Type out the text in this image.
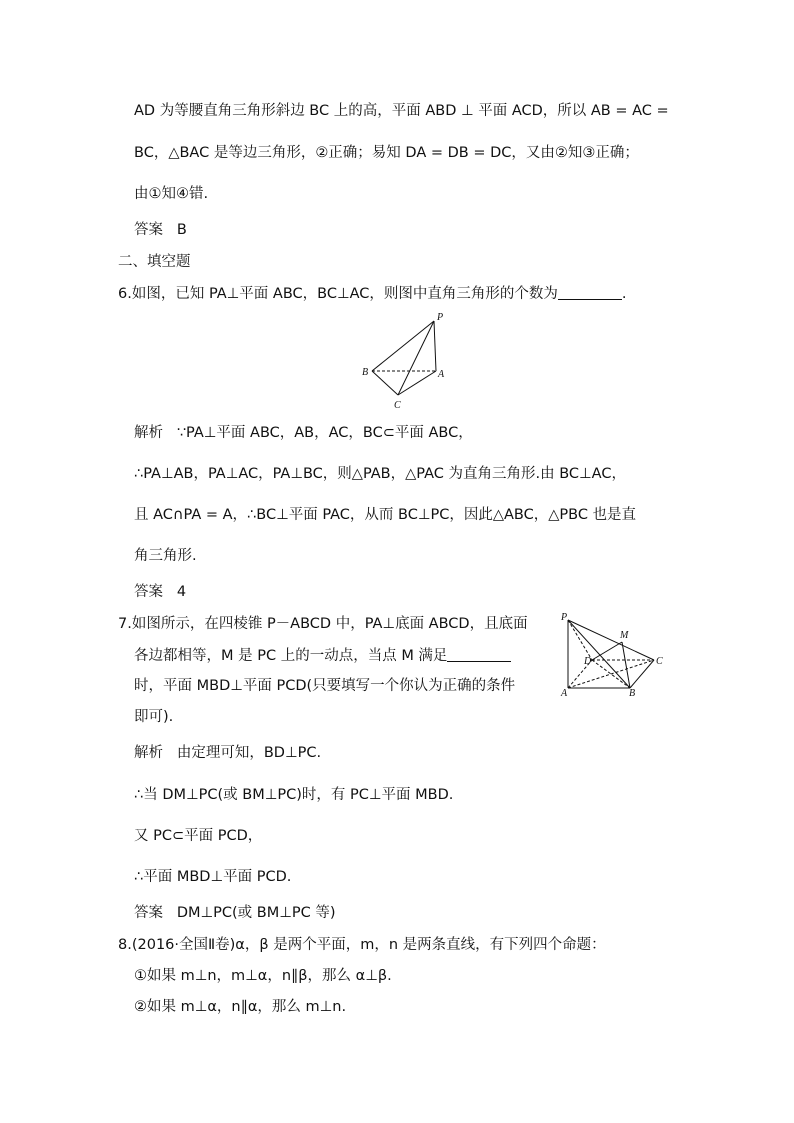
AD 为等腰直角三角形斜边 BC 上的高，平面 ABD ⊥ 平面 ACD，所以 AB = AC =
BC，△BAC 是等边三角形，②正确；易知 DA = DB = DC，又由②知③正确；
由①知④错.
答案 B
二、填空题
6.如图，已知 PA⊥平面 ABC，BC⊥AC，则图中直角三角形的个数为	.
P
A
B
C
解析 ∵PA⊥平面 ABC，AB，AC，BC⊂平面 ABC，
∴PA⊥AB，PA⊥AC，PA⊥BC，则△PAB，△PAC 为直角三角形.由 BC⊥AC，
且 AC∩PA = A，∴BC⊥平面 PAC，从而 BC⊥PC，因此△ABC，△PBC 也是直
角三角形.
答案 4
7.如图所示，在四棱锥 P－ABCD 中，PA⊥底面 ABCD，且底面
各边都相等，M 是 PC 上的一动点，当点 M 满足
时，平面 MBD⊥平面 PCD(只要填写一个你认为正确的条件
即可).
P
M
D	C
A	B
解析 由定理可知，BD⊥PC.
∴当 DM⊥PC(或 BM⊥PC)时，有 PC⊥平面 MBD.
又 PC⊂平面 PCD，
∴平面 MBD⊥平面 PCD.
答案 DM⊥PC(或 BM⊥PC 等)
8.(2016·全国Ⅱ卷)α，β 是两个平面，m，n 是两条直线，有下列四个命题：
①如果 m⊥n，m⊥α，n∥β，那么 α⊥β.
②如果 m⊥α，n∥α，那么 m⊥n.
